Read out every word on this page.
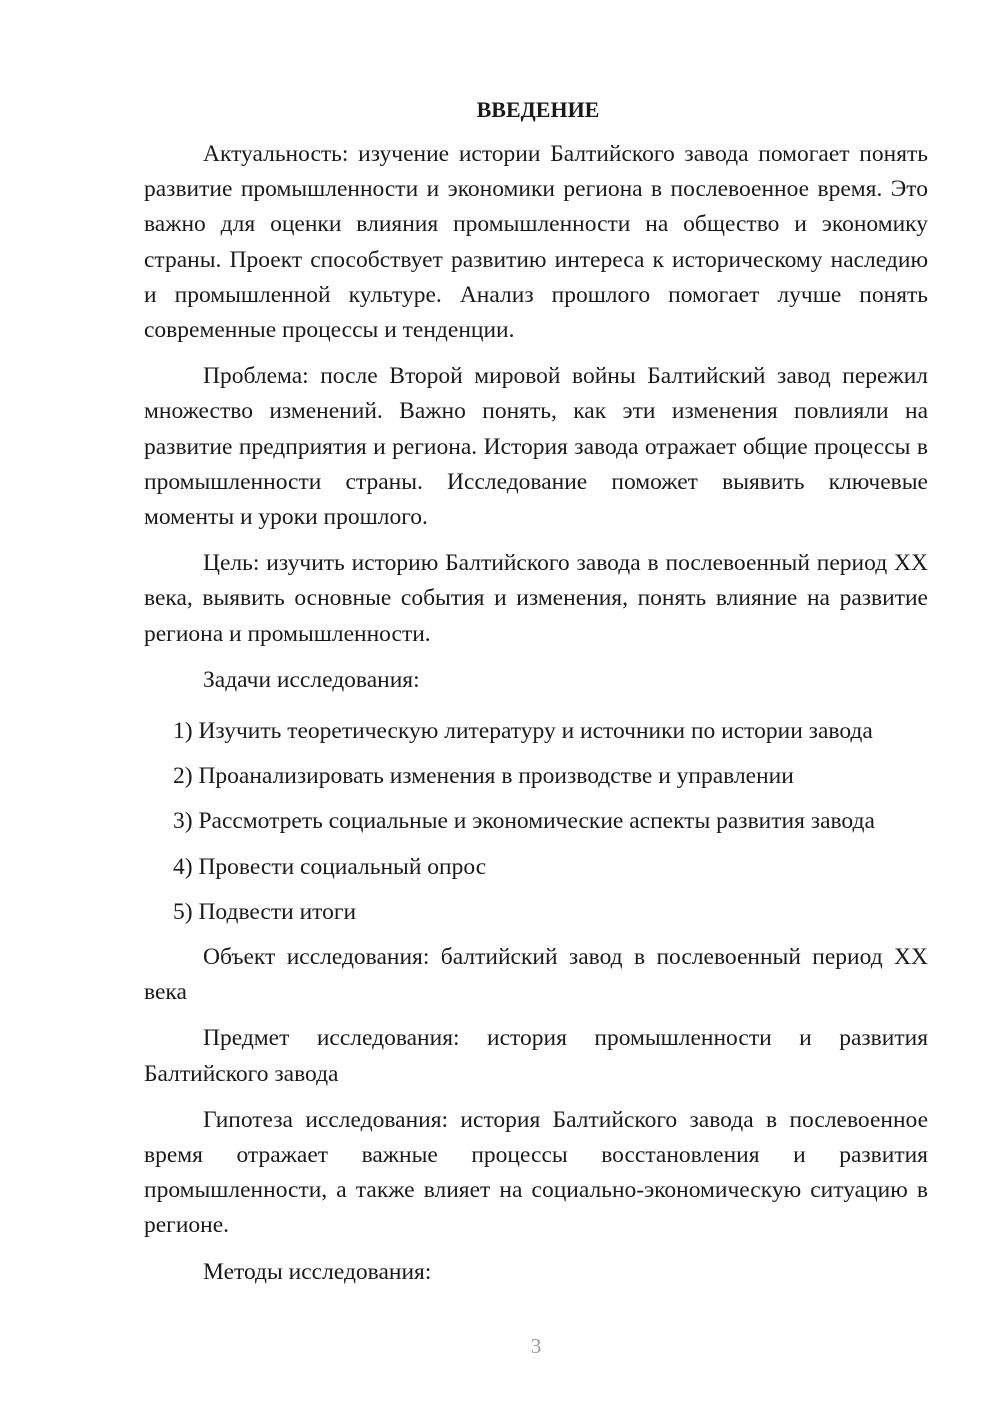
ВВЕДЕНИЕ

Актуальность: изучение истории Балтийского завода помогает понять развитие промышленности и экономики региона в послевоенное время. Это важно для оценки влияния промышленности на общество и экономику страны. Проект способствует развитию интереса к историческому наследию и промышленной культуре. Анализ прошлого помогает лучше понять современные процессы и тенденции.

Проблема: после Второй мировой войны Балтийский завод пережил множество изменений. Важно понять, как эти изменения повлияли на развитие предприятия и региона. История завода отражает общие процессы в промышленности страны. Исследование поможет выявить ключевые моменты и уроки прошлого.

Цель: изучить историю Балтийского завода в послевоенный период XX века, выявить основные события и изменения, понять влияние на развитие региона и промышленности.

Задачи исследования:

1) Изучить теоретическую литературу и источники по истории завода

2) Проанализировать изменения в производстве и управлении

3) Рассмотреть социальные и экономические аспекты развития завода

4) Провести социальный опрос

5) Подвести итоги

Объект исследования: балтийский завод в послевоенный период XX века

Предмет исследования: история промышленности и развития Балтийского завода

Гипотеза исследования: история Балтийского завода в послевоенное время отражает важные процессы восстановления и развития промышленности, а также влияет на социально-экономическую ситуацию в регионе.

Методы исследования:

3
